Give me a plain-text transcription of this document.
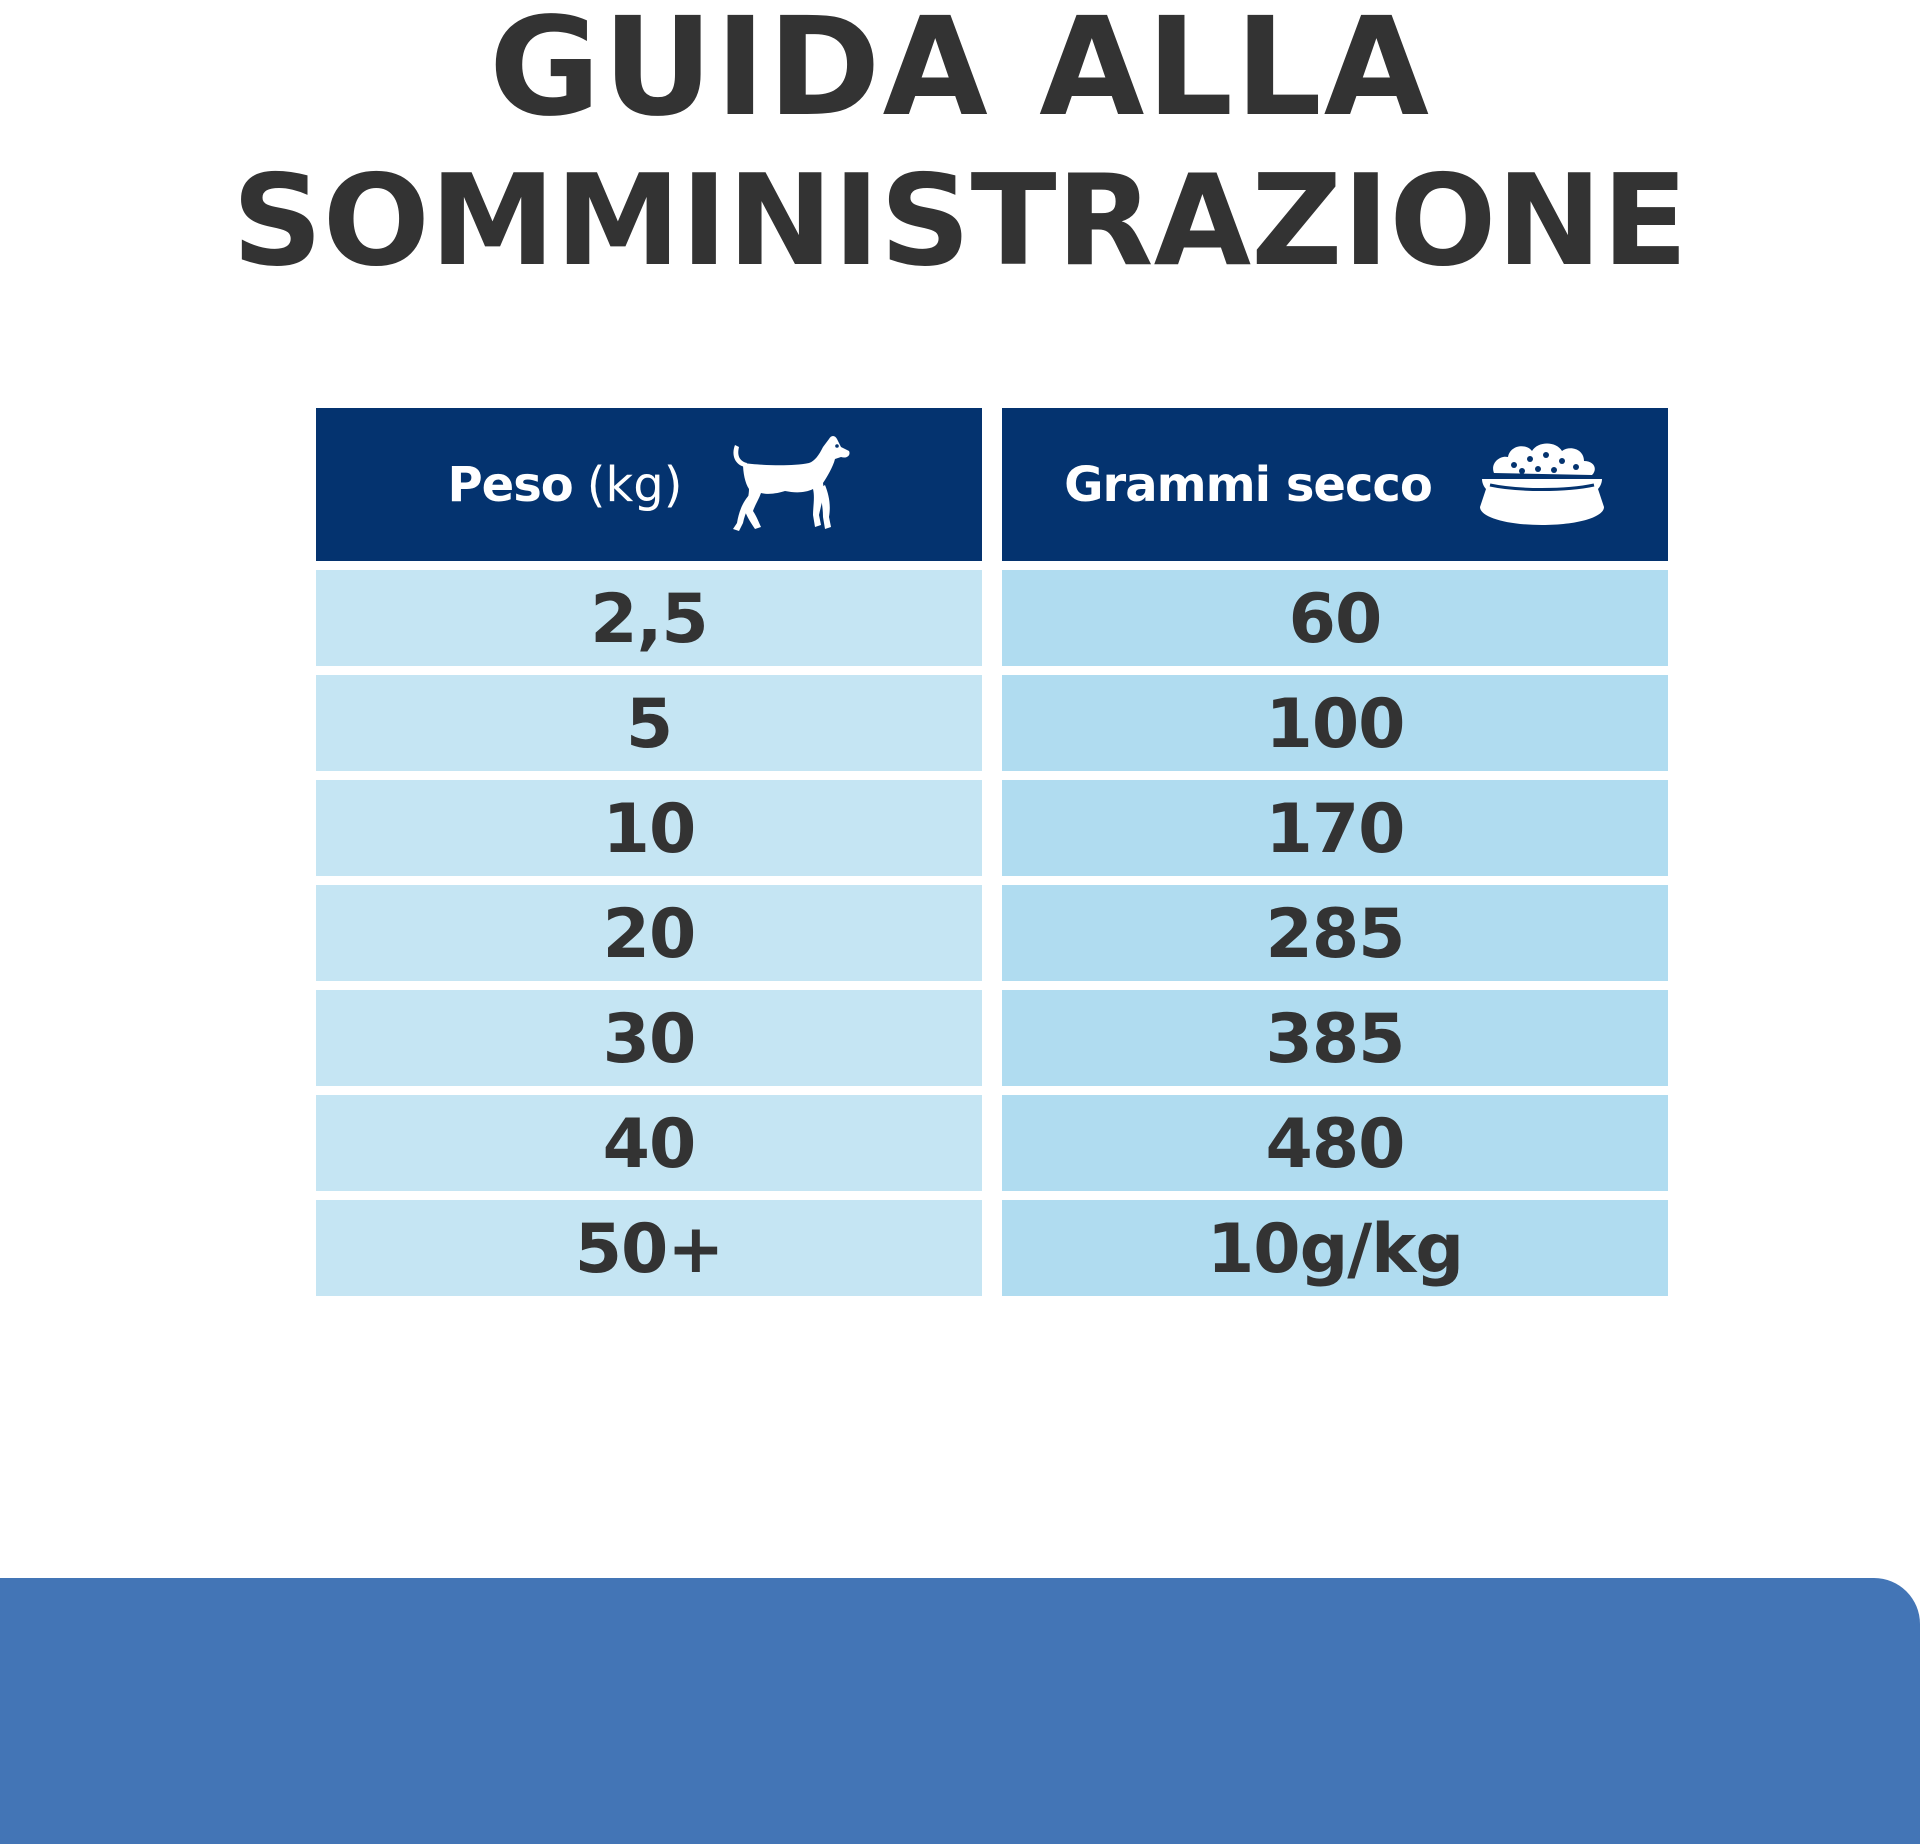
GUIDA ALLA
SOMMINISTRAZIONE
Peso (kg)	Grammi secco
2,5	60
5	100
10	170
20	285
30	385
40	480
50+	10g/kg
